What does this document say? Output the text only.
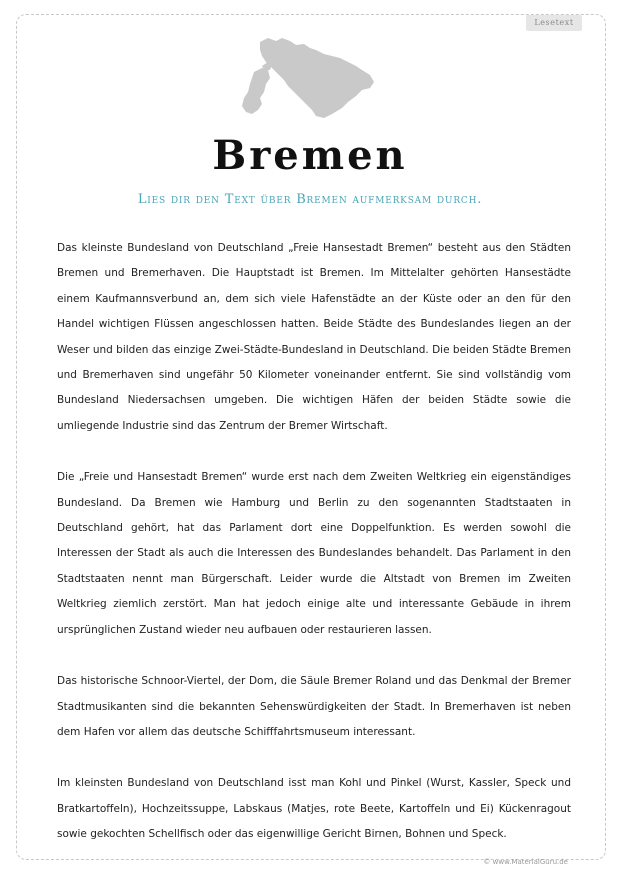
Lesetext
Bremen
Lies dir den Text über Bremen aufmerksam durch.

Das kleinste Bundesland von Deutschland „Freie Hansestadt Bremen“ besteht aus den Städten Bremen und Bremerhaven. Die Hauptstadt ist Bremen. Im Mittelalter gehörten Hansestädte einem Kaufmannsverbund an, dem sich viele Hafenstädte an der Küste oder an den für den Handel wichtigen Flüssen angeschlossen hatten. Beide Städte des Bundeslandes liegen an der Weser und bilden das einzige Zwei-Städte-Bundesland in Deutschland. Die beiden Städte Bremen und Bremerhaven sind ungefähr 50 Kilometer voneinander entfernt. Sie sind vollständig vom Bundesland Niedersachsen umgeben. Die wichtigen Häfen der beiden Städte sowie die umliegende Industrie sind das Zentrum der Bremer Wirtschaft.

Die „Freie und Hansestadt Bremen“ wurde erst nach dem Zweiten Weltkrieg ein eigenständiges Bundesland. Da Bremen wie Hamburg und Berlin zu den sogenannten Stadtstaaten in Deutschland gehört, hat das Parlament dort eine Doppelfunktion. Es werden sowohl die Interessen der Stadt als auch die Interessen des Bundeslandes behandelt. Das Parlament in den Stadtstaaten nennt man Bürgerschaft. Leider wurde die Altstadt von Bremen im Zweiten Weltkrieg ziemlich zerstört. Man hat jedoch einige alte und interessante Gebäude in ihrem ursprünglichen Zustand wieder neu aufbauen oder restaurieren lassen.

Das historische Schnoor-Viertel, der Dom, die Säule Bremer Roland und das Denkmal der Bremer Stadtmusikanten sind die bekannten Sehenswürdigkeiten der Stadt. In Bremerhaven ist neben dem Hafen vor allem das deutsche Schifffahrtsmuseum interessant.

Im kleinsten Bundesland von Deutschland isst man Kohl und Pinkel (Wurst, Kassler, Speck und Bratkartoffeln), Hochzeitssuppe, Labskaus (Matjes, rote Beete, Kartoffeln und Ei) Kückenragout sowie gekochten Schellfisch oder das eigenwillige Gericht Birnen, Bohnen und Speck.

© www.MaterialGuru.de
